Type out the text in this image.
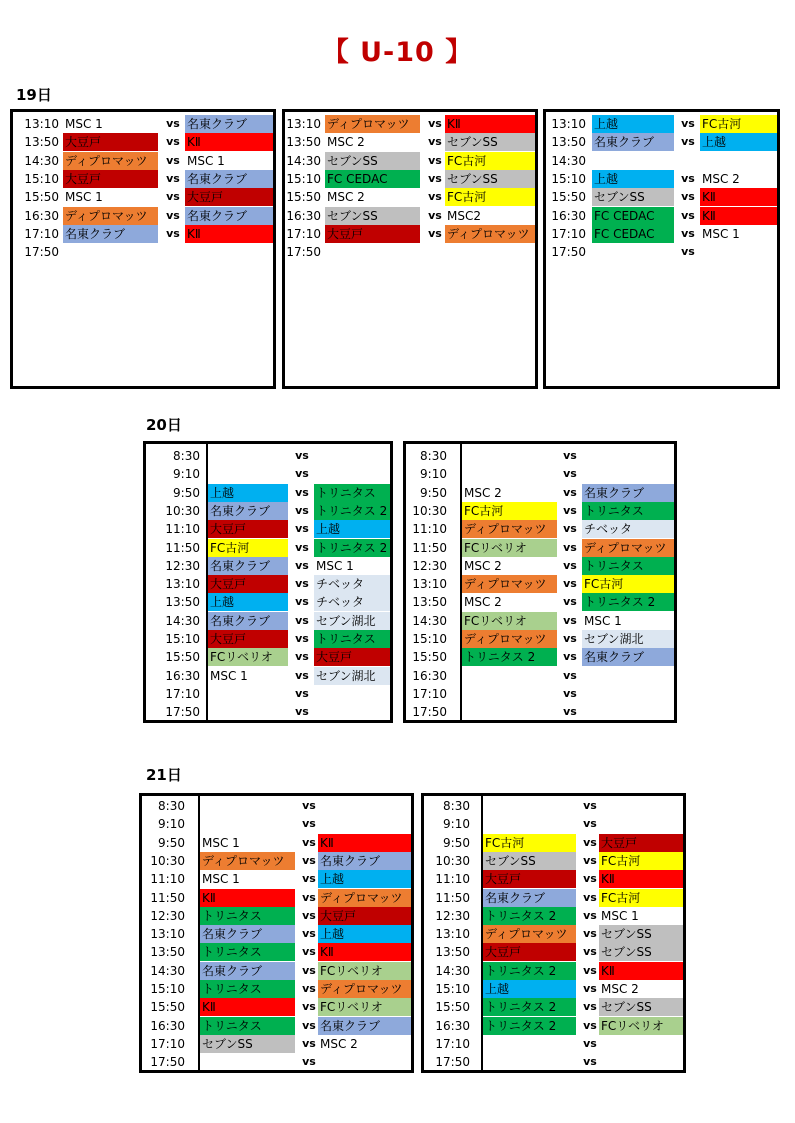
【 U-10 】
19日
13:10 MSC 1	vs 名東クラブ
13:50 大豆戸	vs KⅡ
14:30 ディプロマッツ	vs MSC 1
15:10 大豆戸	vs 名東クラブ
15:50 MSC 1	vs 大豆戸
16:30 ディプロマッツ	vs 名東クラブ
17:10 名東クラブ	vs KⅡ
17:50
13:10 ディプロマッツ	vs KⅡ
13:50 MSC 2	vs セブンSS
14:30 セブンSS	vs FC古河
15:10 FC CEDAC	vs セブンSS
15:50 MSC 2	vs FC古河
16:30 セブンSS	vs MSC2
17:10 大豆戸	vs ディプロマッツ
17:50
13:10 上越	vs FC古河
13:50 名東クラブ	vs 上越
14:30
15:10 上越	vs MSC 2
15:50 セブンSS	vs KⅡ
16:30 FC CEDAC	vs KⅡ
17:10 FC CEDAC	vs MSC 1
17:50	vs
20日
8:30	vs
9:10	vs
9:50 上越	vs トリニタス
10:30 名東クラブ	vs トリニタス 2
11:10 大豆戸	vs 上越
11:50 FC古河	vs トリニタス 2
12:30 名東クラブ	vs MSC 1
13:10 大豆戸	vs チベッタ
13:50 上越	vs チベッタ
14:30 名東クラブ	vs セブン湖北
15:10 大豆戸	vs トリニタス
15:50 FCリベリオ	vs 大豆戸
16:30 MSC 1	vs セブン湖北
17:10	vs
17:50	vs
8:30	vs
9:10	vs
9:50	MSC 2	vs 名東クラブ
10:30	FC古河	vs トリニタス
11:10	ディプロマッツ	vs チベッタ
11:50	FCリベリオ	vs ディプロマッツ
12:30	MSC 2	vs トリニタス
13:10	ディプロマッツ	vs FC古河
13:50	MSC 2	vs トリニタス 2
14:30	FCリベリオ	vs MSC 1
15:10	ディプロマッツ	vs セブン湖北
15:50	トリニタス 2	vs 名東クラブ
16:30	vs
17:10	vs
17:50	vs
21日
8:30	vs
9:10	vs
9:50	MSC 1	vs KⅡ
10:30	ディプロマッツ	vs 名東クラブ
11:10	MSC 1	vs 上越
11:50	KⅡ	vs ディプロマッツ
12:30	トリニタス	vs 大豆戸
13:10	名東クラブ	vs 上越
13:50	トリニタス	vs KⅡ
14:30	名東クラブ	vs FCリベリオ
15:10	トリニタス	vs ディプロマッツ
15:50	KⅡ	vs FCリベリオ
16:30	トリニタス	vs 名東クラブ
17:10	セブンSS	vs MSC 2
17:50	vs
8:30	vs
9:10	vs
9:50	FC古河	vs 大豆戸
10:30	セブンSS	vs FC古河
11:10	大豆戸	vs KⅡ
11:50	名東クラブ	vs FC古河
12:30	トリニタス 2	vs MSC 1
13:10	ディプロマッツ	vs セブンSS
13:50	大豆戸	vs セブンSS
14:30	トリニタス 2	vs KⅡ
15:10	上越	vs MSC 2
15:50	トリニタス 2	vs セブンSS
16:30	トリニタス 2	vs FCリベリオ
17:10	vs
17:50	vs
